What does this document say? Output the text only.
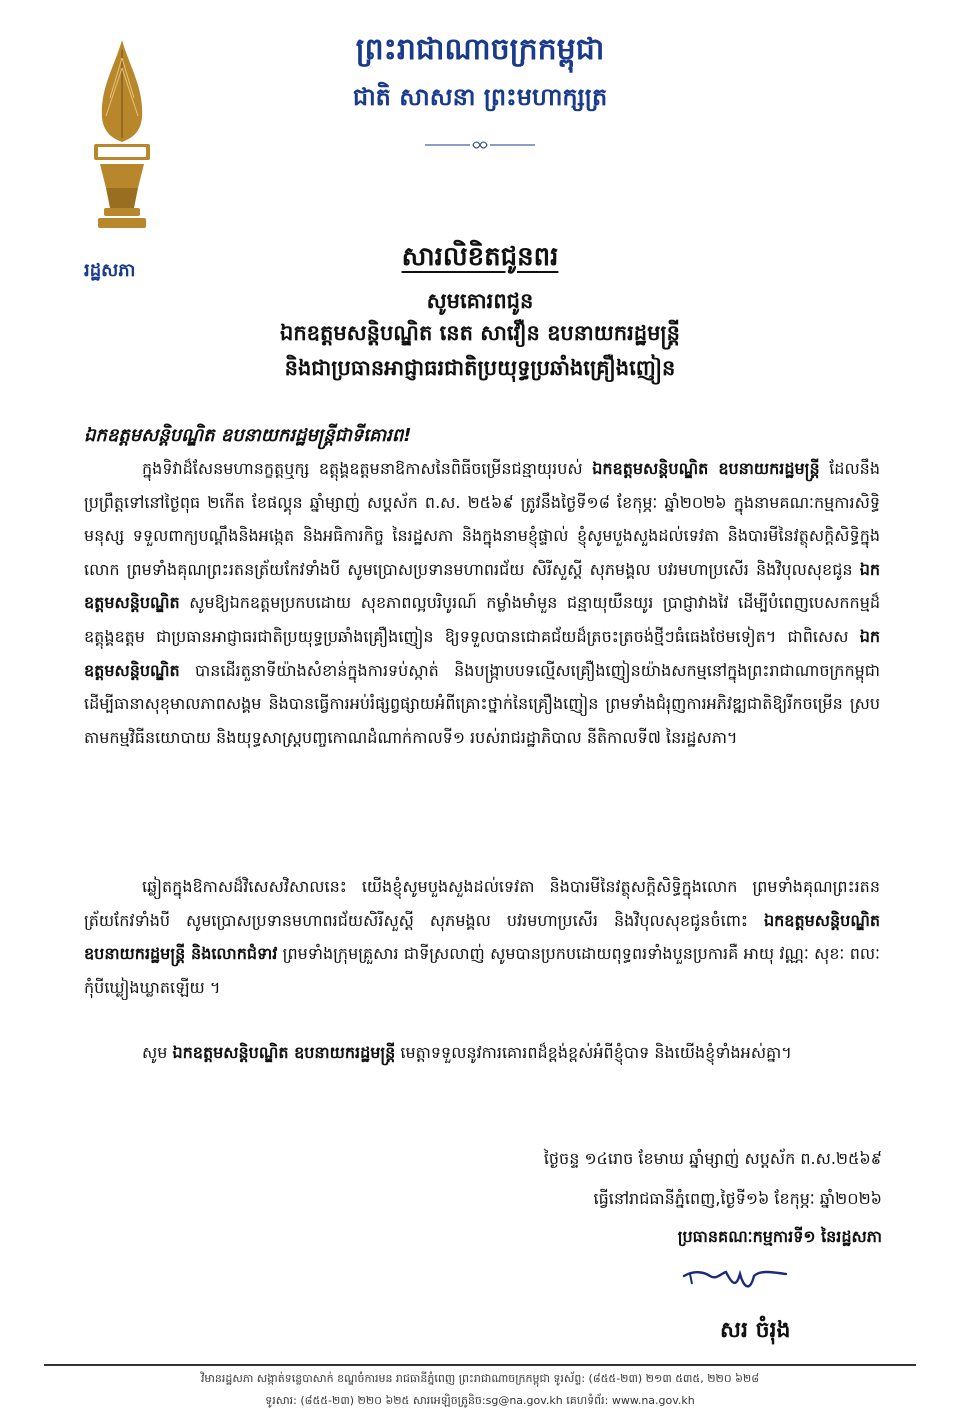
រដ្ឋសភា
ព្រះរាជាណាចក្រកម្ពុជា
ជាតិ សាសនា ព្រះមហាក្សត្រ
សារលិខិតជូនពរ
សូមគោរពជូន
ឯកឧត្តមសន្តិបណ្ឌិត នេត សាវឿន ឧបនាយករដ្ឋមន្ត្រី
និងជាប្រធានអាជ្ញាធរជាតិប្រយុទ្ធប្រឆាំងគ្រឿងញៀន
ឯកឧត្តមសន្តិបណ្ឌិត ឧបនាយករដ្ឋមន្ត្រីជាទីគោរព!
ក្នុងទិវាដ៏សែនមហានក្ខត្តឬក្ស ឧត្តុង្គឧត្តមនាឱកាសនៃពិធីចម្រើនជន្មាយុរបស់ ឯកឧត្តមសន្តិបណ្ឌិត ឧបនាយករដ្ឋមន្ត្រី ដែលនឹងប្រព្រឹត្តទៅនៅថ្ងៃពុធ ២កើត ខែផល្គុន ឆ្នាំម្សាញ់ សប្តស័ក ព.ស. ២៥៦៩ ត្រូវនឹងថ្ងៃទី១៨ ខែកុម្ភៈ ឆ្នាំ២០២៦ ក្នុងនាមគណៈកម្មការសិទ្ធិមនុស្ស ទទួលពាក្យបណ្ដឹងនិងអង្កេត និងអធិការកិច្ច នៃរដ្ឋសភា និងក្នុងនាមខ្ញុំផ្ទាល់ ខ្ញុំសូមបួងសួងដល់ទេវតា និងបារមីនៃវត្ថុសក្តិសិទ្ធិក្នុងលោក ព្រមទាំងគុណព្រះរតនត្រ័យកែវទាំងបី សូមប្រោសប្រទានមហាពរជ័យ សិរីសួស្តី សុភមង្គល បវរមហាប្រសើរ និងវិបុលសុខជូន ឯកឧត្តមសន្តិបណ្ឌិត សូមឱ្យឯកឧត្តមប្រកបដោយ សុខភាពល្អបរិបូរណ៍ កម្លាំងមាំមួន ជន្មាយុយឺនយូរ ប្រាជ្ញាវាងវៃ ដើម្បីបំពេញបេសកកម្មដ៏ឧត្តុង្គឧត្តម ជាប្រធានអាជ្ញាធរជាតិប្រយុទ្ធប្រឆាំងគ្រឿងញៀន ឱ្យទទួលបានជោគជ័យដ៏ត្រចះត្រចង់ថ្មីៗធំធេងថែមទៀត។ ជាពិសេស ឯកឧត្តមសន្តិបណ្ឌិត បានដើរតួនាទីយ៉ាងសំខាន់ក្នុងការទប់ស្កាត់ និងបង្ក្រាបបទល្មើសគ្រឿងញៀនយ៉ាងសកម្មនៅក្នុងព្រះរាជាណាចក្រកម្ពុជា ដើម្បីធានាសុខុមាលភាពសង្គម និងបានធ្វើការអប់រំផ្សព្វផ្សាយអំពីគ្រោះថ្នាក់នៃគ្រឿងញៀន ព្រមទាំងជំរុញការអភិវឌ្ឍជាតិឱ្យរីកចម្រើន ស្របតាមកម្មវិធីនយោបាយ និងយុទ្ធសាស្ត្របញ្ចកោណដំណាក់កាលទី១ របស់រាជរដ្ឋាភិបាល នីតិកាលទី៧ នៃរដ្ឋសភា។
ឆ្លៀតក្នុងឱកាសដ៏វិសេសវិសាលនេះ យើងខ្ញុំសូមបួងសួងដល់ទេវតា និងបារមីនៃវត្ថុសក្តិសិទ្ធិក្នុងលោក ព្រមទាំងគុណព្រះរតនត្រ័យកែវទាំងបី សូមប្រោសប្រទានមហាពរជ័យសិរីសួស្តី សុភមង្គល បវរមហាប្រសើរ និងវិបុលសុខជូនចំពោះ ឯកឧត្តមសន្តិបណ្ឌិត ឧបនាយករដ្ឋមន្ត្រី និងលោកជំទាវ ព្រមទាំងក្រុមគ្រួសារ ជាទីស្រលាញ់ សូមបានប្រកបដោយពុទ្ធពរទាំងបួនប្រការគឺ អាយុ វណ្ណៈ សុខៈ ពលៈ កុំបីឃ្លៀងឃ្លាតឡើយ ។
សូម ឯកឧត្តមសន្តិបណ្ឌិត ឧបនាយករដ្ឋមន្ត្រី មេត្តាទទួលនូវការគោរពដ៏ខ្ពង់ខ្ពស់អំពីខ្ញុំបាទ និងយើងខ្ញុំទាំងអស់គ្នា។
ថ្ងៃចន្ទ ១៤រោច ខែមាឃ ឆ្នាំម្សាញ់ សប្តស័ក ព.ស.២៥៦៩
ធ្វើនៅរាជធានីភ្នំពេញ,ថ្ងៃទី១៦ ខែកុម្ភៈ ឆ្នាំ២០២៦
ប្រធានគណៈកម្មការទី១ នៃរដ្ឋសភា
សរ ចំរុង
វិមានរដ្ឋសភា សង្កាត់ទន្លេបាសាក់ ខណ្ឌចំការមន រាជធានីភ្នំពេញ ព្រះរាជាណាចក្រកម្ពុជា ទូរស័ព្ទ: (៨៥៥-២៣) ២១៣ ៥៣៥, ២២០ ៦២៨
ទូរសារ: (៨៥៥-២៣) ២២០ ៦២៥ សារអេឡិចត្រូនិច:sg@na.gov.kh គេហទំព័រ: www.na.gov.kh
